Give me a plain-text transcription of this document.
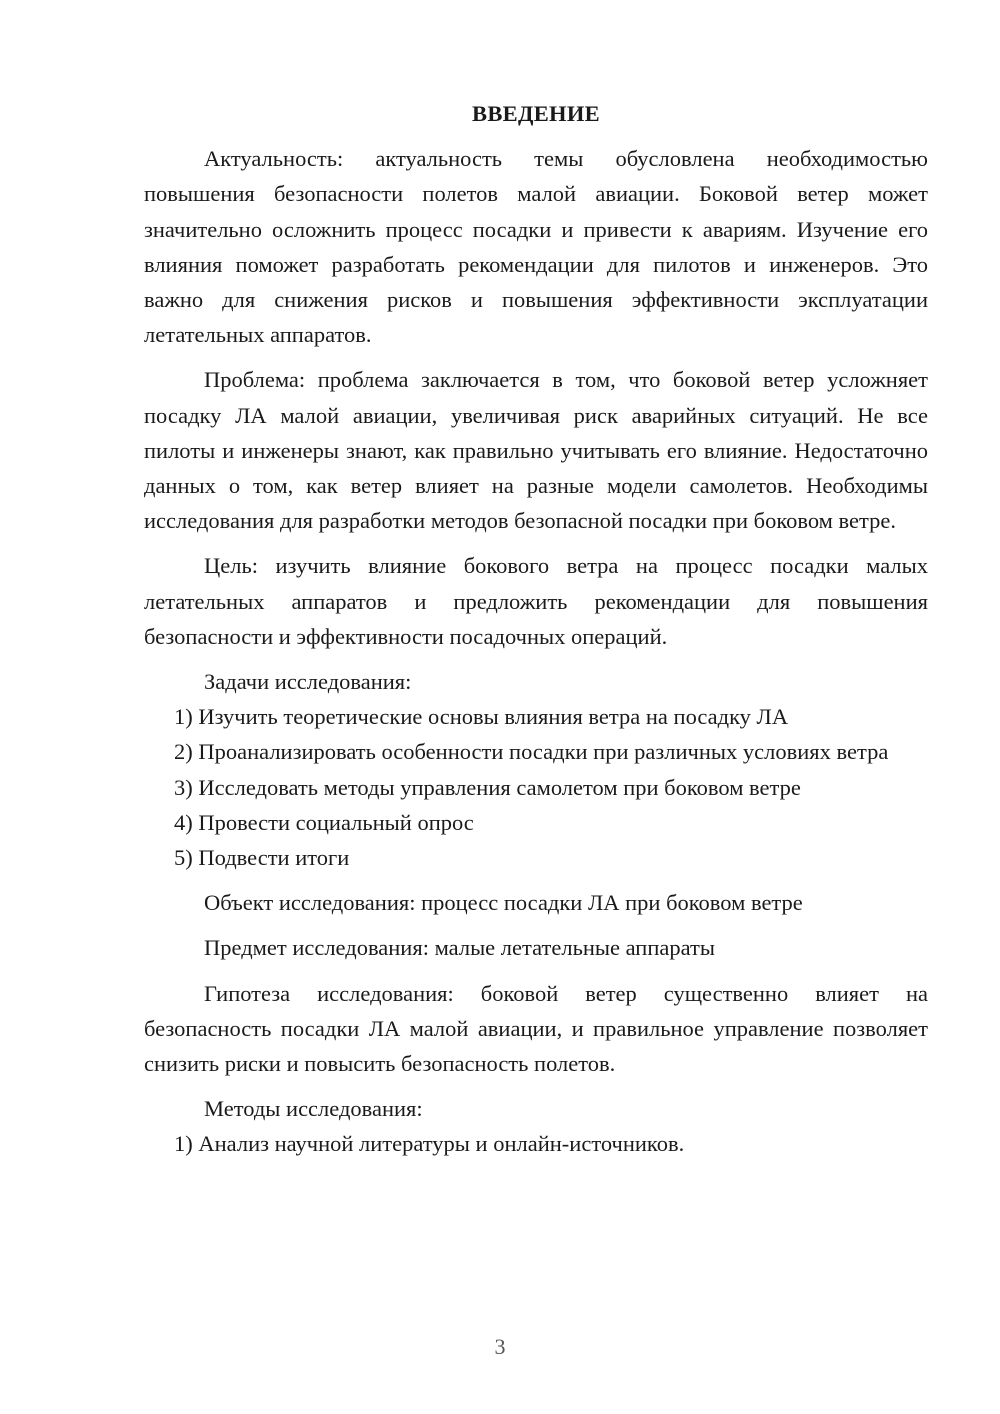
ВВЕДЕНИЕ

Актуальность: актуальность темы обусловлена необходимостью повышения безопасности полетов малой авиации. Боковой ветер может значительно осложнить процесс посадки и привести к авариям. Изучение его влияния поможет разработать рекомендации для пилотов и инженеров. Это важно для снижения рисков и повышения эффективности эксплуатации летательных аппаратов.

Проблема: проблема заключается в том, что боковой ветер усложняет посадку ЛА малой авиации, увеличивая риск аварийных ситуаций. Не все пилоты и инженеры знают, как правильно учитывать его влияние. Недостаточно данных о том, как ветер влияет на разные модели самолетов. Необходимы исследования для разработки методов безопасной посадки при боковом ветре.

Цель: изучить влияние бокового ветра на процесс посадки малых летательных аппаратов и предложить рекомендации для повышения безопасности и эффективности посадочных операций.

Задачи исследования:

1) Изучить теоретические основы влияния ветра на посадку ЛА

2) Проанализировать особенности посадки при различных условиях ветра

3) Исследовать методы управления самолетом при боковом ветре

4) Провести социальный опрос

5) Подвести итоги

Объект исследования: процесс посадки ЛА при боковом ветре

Предмет исследования: малые летательные аппараты

Гипотеза исследования: боковой ветер существенно влияет на безопасность посадки ЛА малой авиации, и правильное управление позволяет снизить риски и повысить безопасность полетов.

Методы исследования:

1) Анализ научной литературы и онлайн-источников.

3
